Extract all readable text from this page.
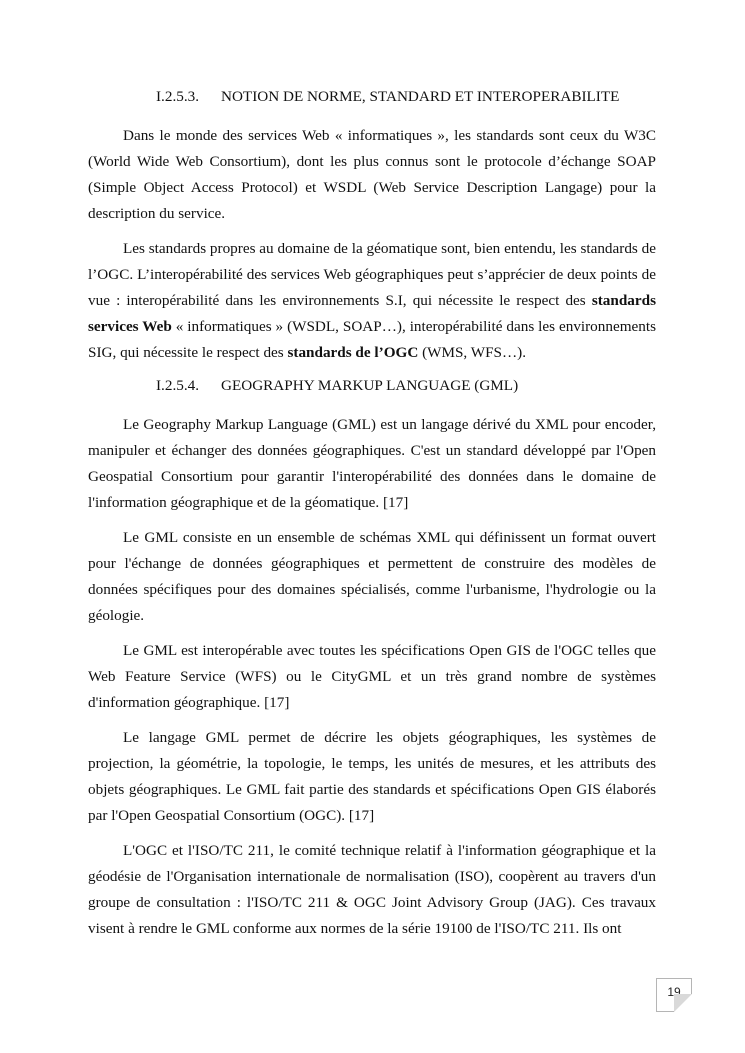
I.2.5.3. NOTION DE NORME, STANDARD ET INTEROPERABILITE

Dans le monde des services Web « informatiques », les standards sont ceux du W3C (World Wide Web Consortium), dont les plus connus sont le protocole d’échange SOAP (Simple Object Access Protocol) et WSDL (Web Service Description Langage) pour la description du service.

Les standards propres au domaine de la géomatique sont, bien entendu, les standards de l’OGC. L’interopérabilité des services Web géographiques peut s’apprécier de deux points de vue : interopérabilité dans les environnements S.I, qui nécessite le respect des standards services Web « informatiques » (WSDL, SOAP…), interopérabilité dans les environnements SIG, qui nécessite le respect des standards de l’OGC (WMS, WFS…).

I.2.5.4. GEOGRAPHY MARKUP LANGUAGE (GML)

Le Geography Markup Language (GML) est un langage dérivé du XML pour encoder, manipuler et échanger des données géographiques. C'est un standard développé par l'Open Geospatial Consortium pour garantir l'interopérabilité des données dans le domaine de l'information géographique et de la géomatique. [17]

Le GML consiste en un ensemble de schémas XML qui définissent un format ouvert pour l'échange de données géographiques et permettent de construire des modèles de données spécifiques pour des domaines spécialisés, comme l'urbanisme, l'hydrologie ou la géologie.

Le GML est interopérable avec toutes les spécifications Open GIS de l'OGC telles que Web Feature Service (WFS) ou le CityGML et un très grand nombre de systèmes d'information géographique. [17]

Le langage GML permet de décrire les objets géographiques, les systèmes de projection, la géométrie, la topologie, le temps, les unités de mesures, et les attributs des objets géographiques. Le GML fait partie des standards et spécifications Open GIS élaborés par l'Open Geospatial Consortium (OGC). [17]

L'OGC et l'ISO/TC 211, le comité technique relatif à l'information géographique et la géodésie de l'Organisation internationale de normalisation (ISO), coopèrent au travers d'un groupe de consultation : l'ISO/TC 211 & OGC Joint Advisory Group (JAG). Ces travaux visent à rendre le GML conforme aux normes de la série 19100 de l'ISO/TC 211. Ils ont

19
